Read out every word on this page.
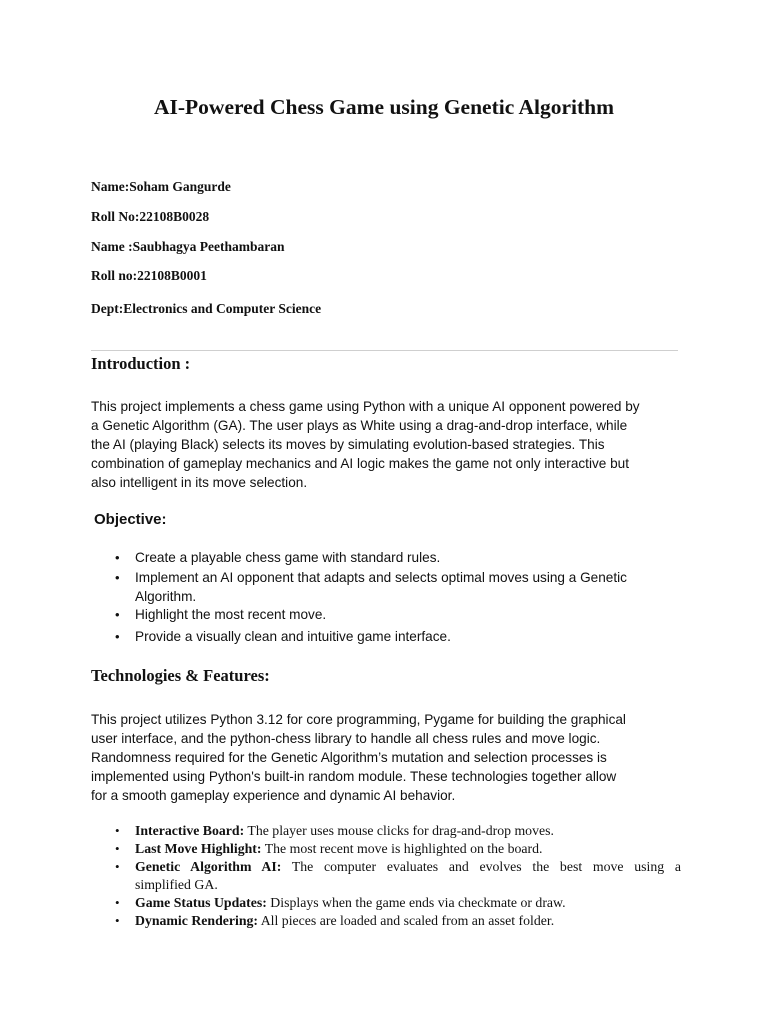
AI-Powered Chess Game using Genetic Algorithm
Name:Soham Gangurde
Roll No:22108B0028
Name :Saubhagya Peethambaran
Roll no:22108B0001
Dept:Electronics and Computer Science
Introduction :
This project implements a chess game using Python with a unique AI opponent powered by
a Genetic Algorithm (GA). The user plays as White using a drag-and-drop interface, while
the AI (playing Black) selects its moves by simulating evolution-based strategies. This
combination of gameplay mechanics and AI logic makes the game not only interactive but
also intelligent in its move selection.
Objective:
• Create a playable chess game with standard rules.
• Implement an AI opponent that adapts and selects optimal moves using a Genetic
Algorithm.
• Highlight the most recent move.
• Provide a visually clean and intuitive game interface.
Technologies & Features:
This project utilizes Python 3.12 for core programming, Pygame for building the graphical
user interface, and the python-chess library to handle all chess rules and move logic.
Randomness required for the Genetic Algorithm’s mutation and selection processes is
implemented using Python's built-in random module. These technologies together allow
for a smooth gameplay experience and dynamic AI behavior.
• Interactive Board: The player uses mouse clicks for drag-and-drop moves.
• Last Move Highlight: The most recent move is highlighted on the board.
• Genetic Algorithm AI: The computer evaluates and evolves the best move using a
simplified GA.
• Game Status Updates: Displays when the game ends via checkmate or draw.
• Dynamic Rendering: All pieces are loaded and scaled from an asset folder.
